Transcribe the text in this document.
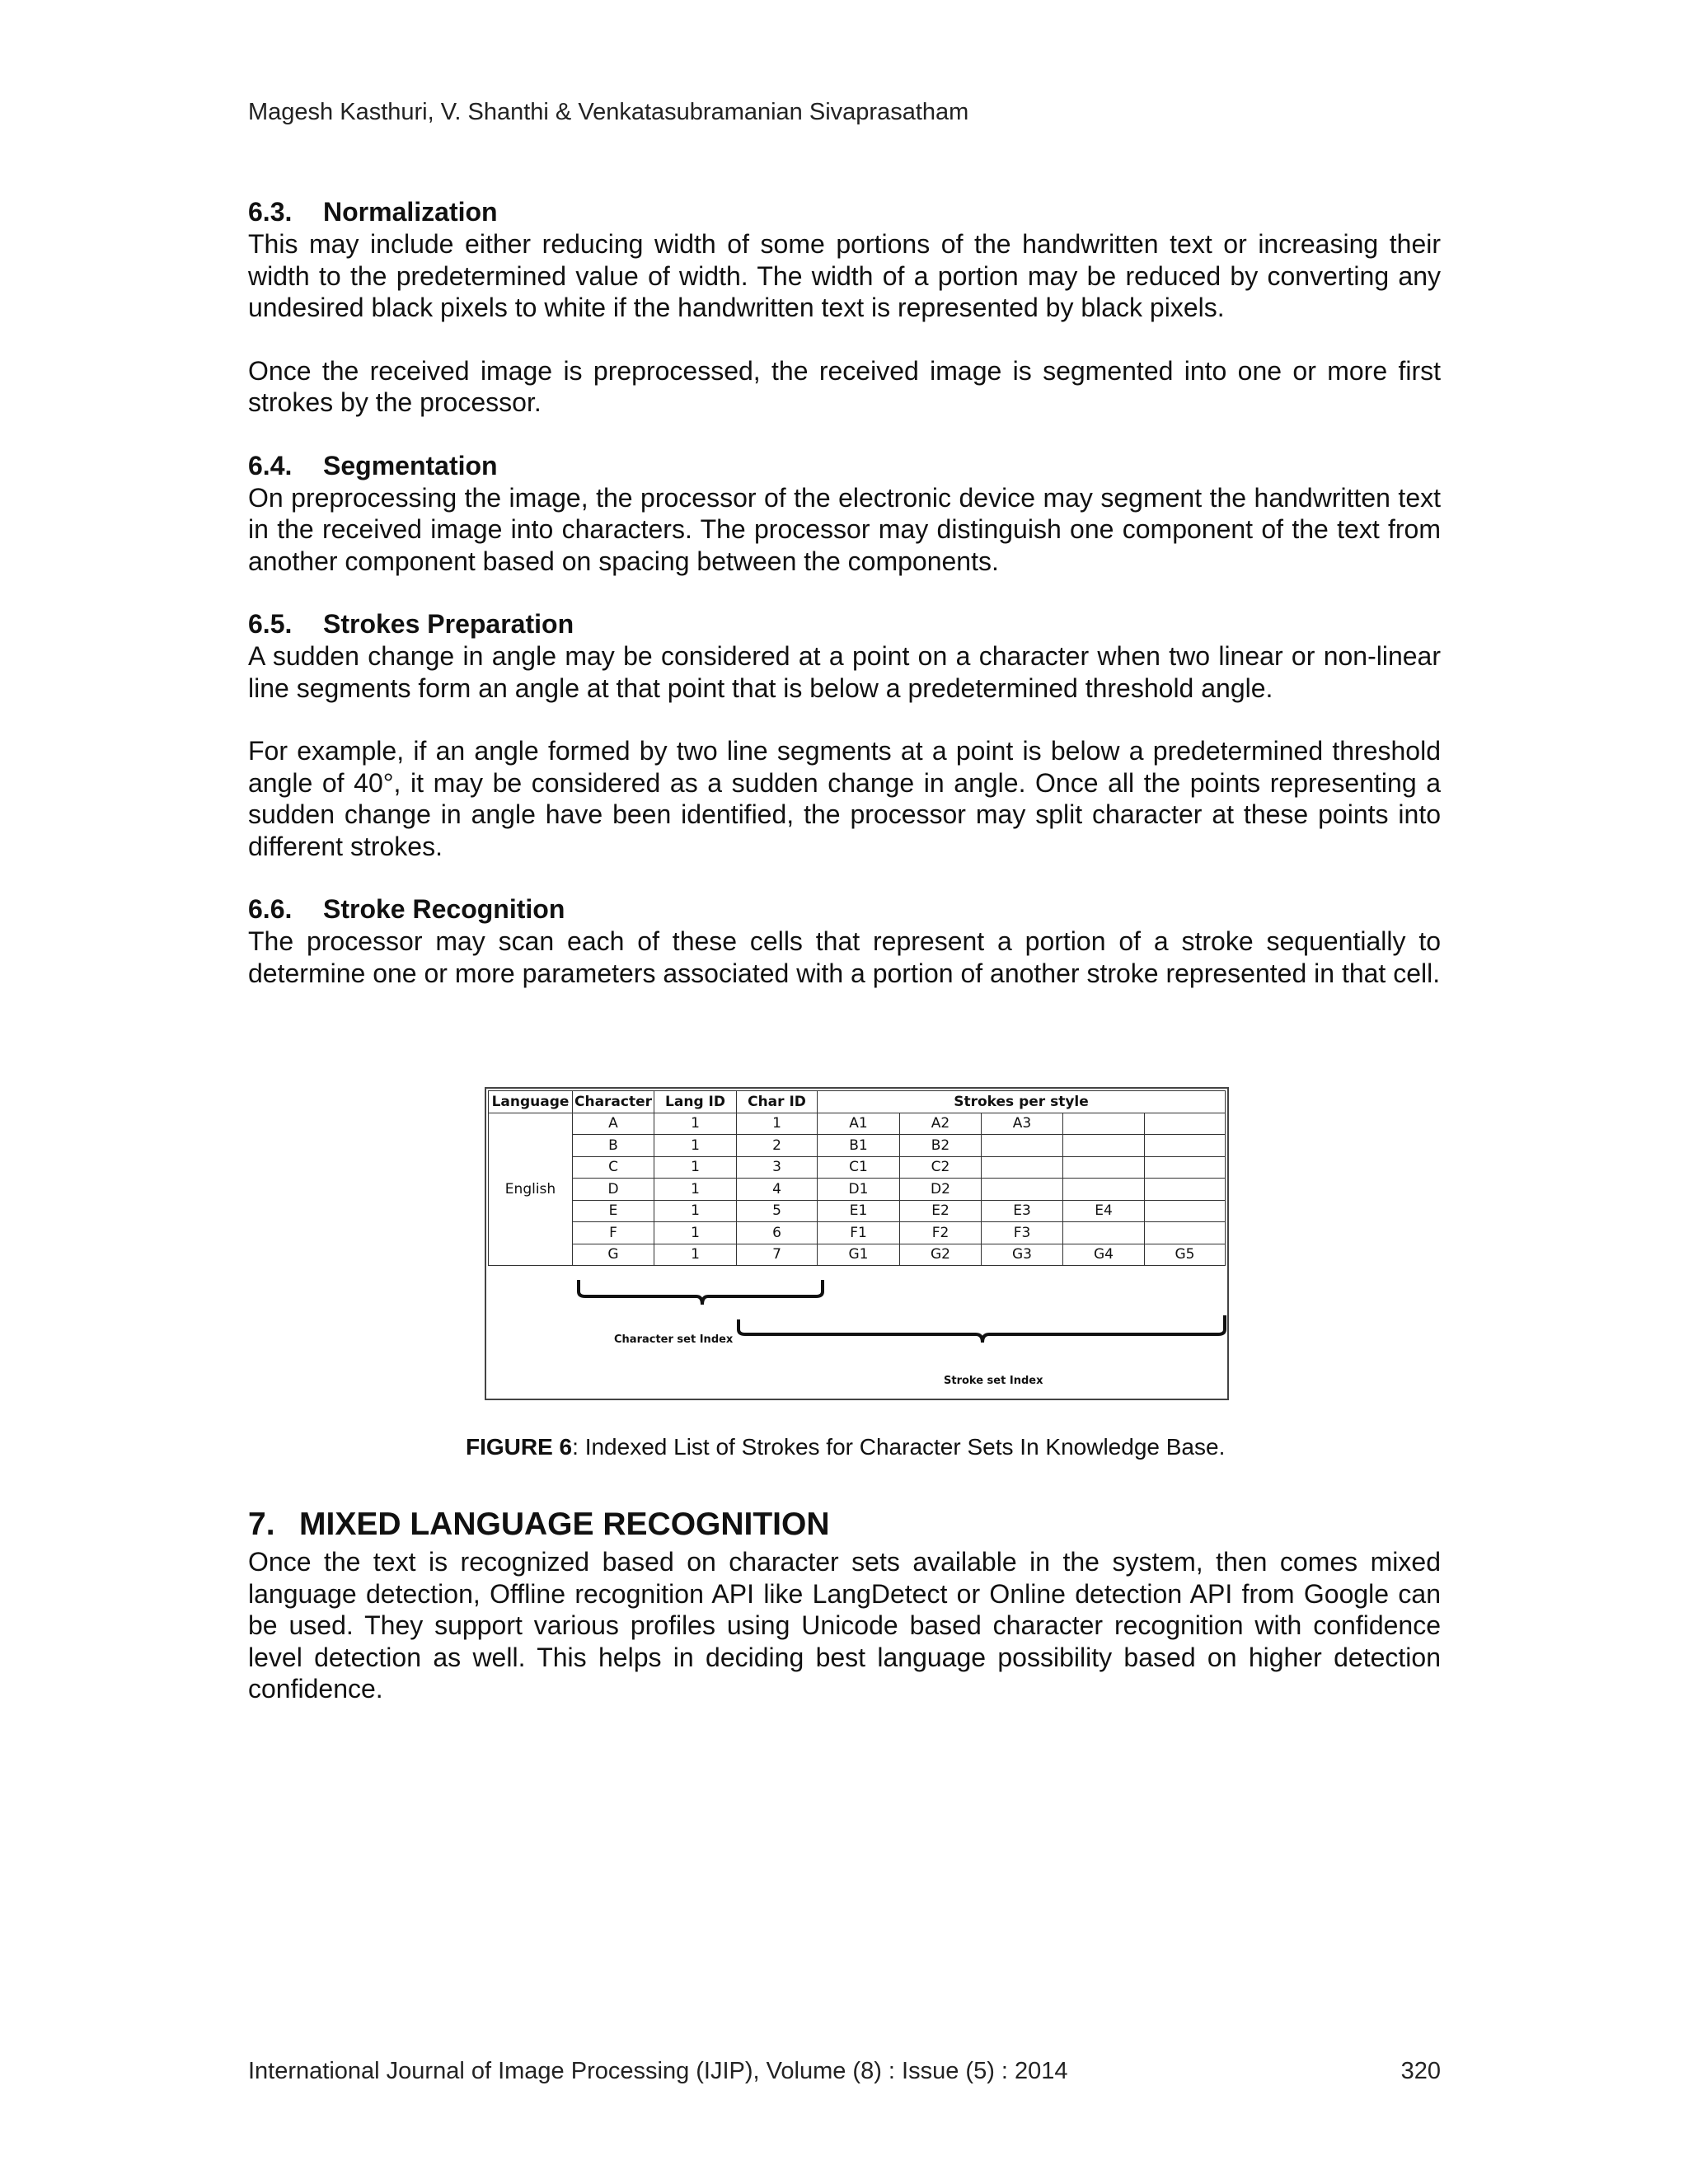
Magesh Kasthuri, V. Shanthi & Venkatasubramanian Sivaprasatham
6.3. Normalization

This may include either reducing width of some portions of the handwritten text or increasing their width to the predetermined value of width. The width of a portion may be reduced by converting any undesired black pixels to white if the handwritten text is represented by black pixels.

Once the received image is preprocessed, the received image is segmented into one or more first strokes by the processor.

6.4. Segmentation

On preprocessing the image, the processor of the electronic device may segment the handwritten text in the received image into characters. The processor may distinguish one component of the text from another component based on spacing between the components.

6.5. Strokes Preparation

A sudden change in angle may be considered at a point on a character when two linear or non-linear line segments form an angle at that point that is below a predetermined threshold angle.

For example, if an angle formed by two line segments at a point is below a predetermined threshold angle of 40°, it may be considered as a sudden change in angle. Once all the points representing a sudden change in angle have been identified, the processor may split character at these points into different strokes.

6.6. Stroke Recognition

The processor may scan each of these cells that represent a portion of a stroke sequentially to determine one or more parameters associated with a portion of another stroke represented in that cell.

Language	Character	Lang ID	Char ID	Strokes per style				
English	A	1	1	A1	A2	A3		
	B	1	2	B1	B2			
	C	1	3	C1	C2			
	D	1	4	D1	D2			
	E	1	5	E1	E2	E3	E4	
	F	1	6	F1	F2	F3		
	G	1	7	G1	G2	G3	G4	G5
Character set Index
Stroke set Index
FIGURE 6: Indexed List of Strokes for Character Sets In Knowledge Base.
7. MIXED LANGUAGE RECOGNITION

Once the text is recognized based on character sets available in the system, then comes mixed language detection, Offline recognition API like LangDetect or Online detection API from Google can be used. They support various profiles using Unicode based character recognition with confidence level detection as well. This helps in deciding best language possibility based on higher detection confidence.

International Journal of Image Processing (IJIP), Volume (8) : Issue (5) : 2014	320
